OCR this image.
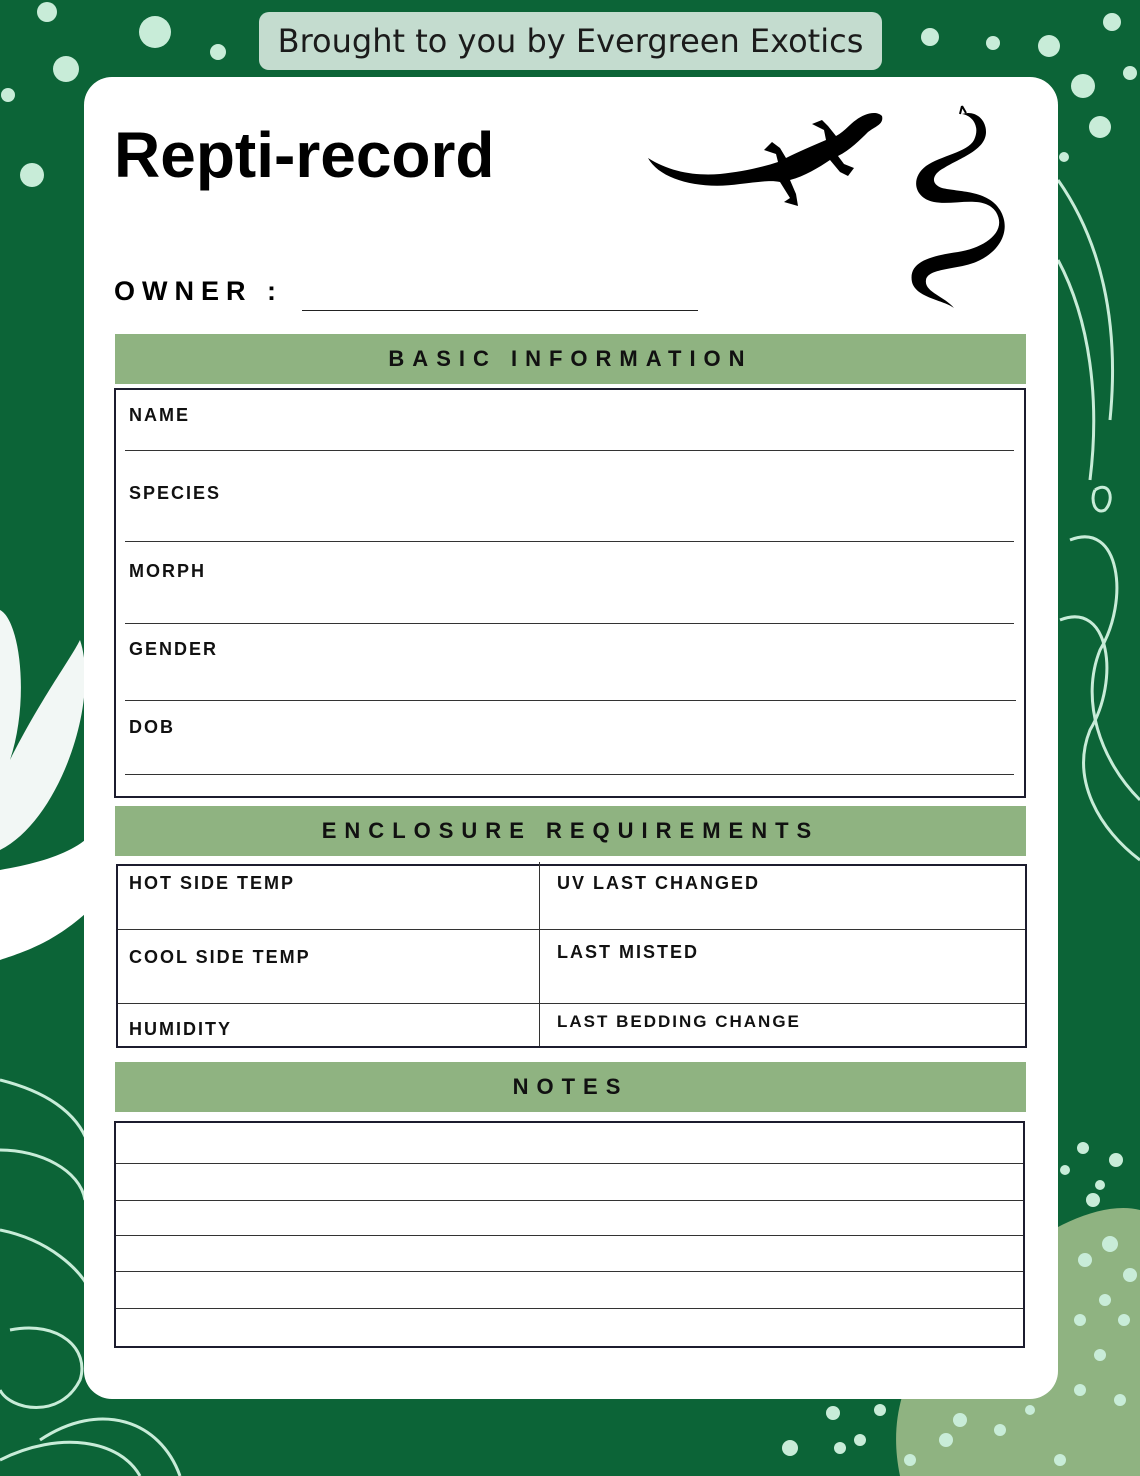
Brought to you by Evergreen Exotics
Repti-record
OWNER :
BASIC INFORMATION
NAME
SPECIES
MORPH
GENDER
DOB
ENCLOSURE REQUIREMENTS
HOT SIDE TEMP
COOL SIDE TEMP
HUMIDITY
UV LAST CHANGED
LAST MISTED
LAST BEDDING CHANGE
NOTES
